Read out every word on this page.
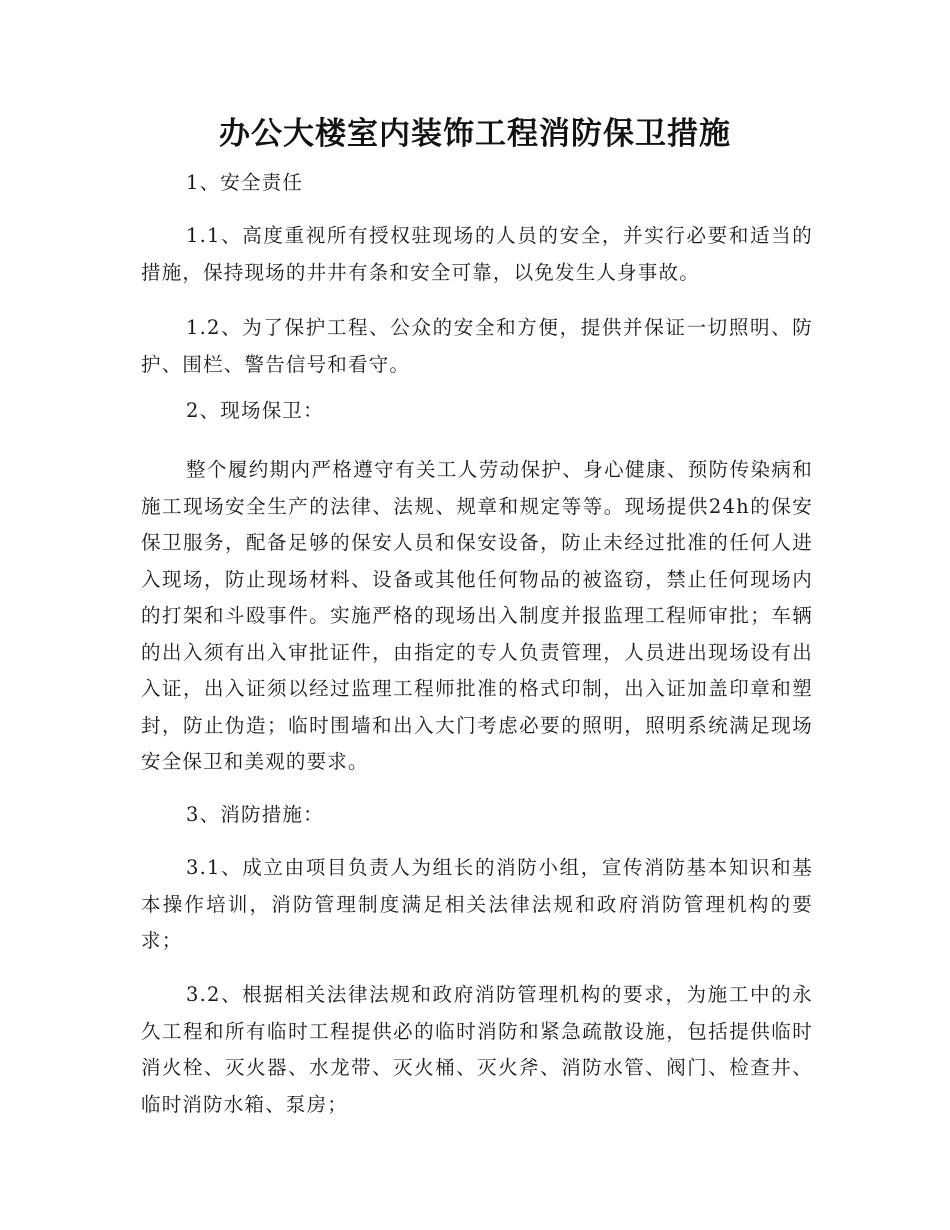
办公大楼室内装饰工程消防保卫措施

1、安全责任

1.1、高度重视所有授权驻现场的人员的安全，并实行必要和适当的措施，保持现场的井井有条和安全可靠，以免发生人身事故。

1.2、为了保护工程、公众的安全和方便，提供并保证一切照明、防护、围栏、警告信号和看守。

2、现场保卫：

整个履约期内严格遵守有关工人劳动保护、身心健康、预防传染病和施工现场安全生产的法律、法规、规章和规定等等。现场提供24h的保安保卫服务，配备足够的保安人员和保安设备，防止未经过批准的任何人进入现场，防止现场材料、设备或其他任何物品的被盗窃，禁止任何现场内的打架和斗殴事件。实施严格的现场出入制度并报监理工程师审批；车辆的出入须有出入审批证件，由指定的专人负责管理，人员进出现场设有出入证，出入证须以经过监理工程师批准的格式印制，出入证加盖印章和塑封，防止伪造；临时围墙和出入大门考虑必要的照明，照明系统满足现场安全保卫和美观的要求。

3、消防措施：

3.1、成立由项目负责人为组长的消防小组，宣传消防基本知识和基本操作培训，消防管理制度满足相关法律法规和政府消防管理机构的要求；

3.2、根据相关法律法规和政府消防管理机构的要求，为施工中的永久工程和所有临时工程提供必的临时消防和紧急疏散设施，包括提供临时消火栓、灭火器、水龙带、灭火桶、灭火斧、消防水管、阀门、检查井、临时消防水箱、泵房；
